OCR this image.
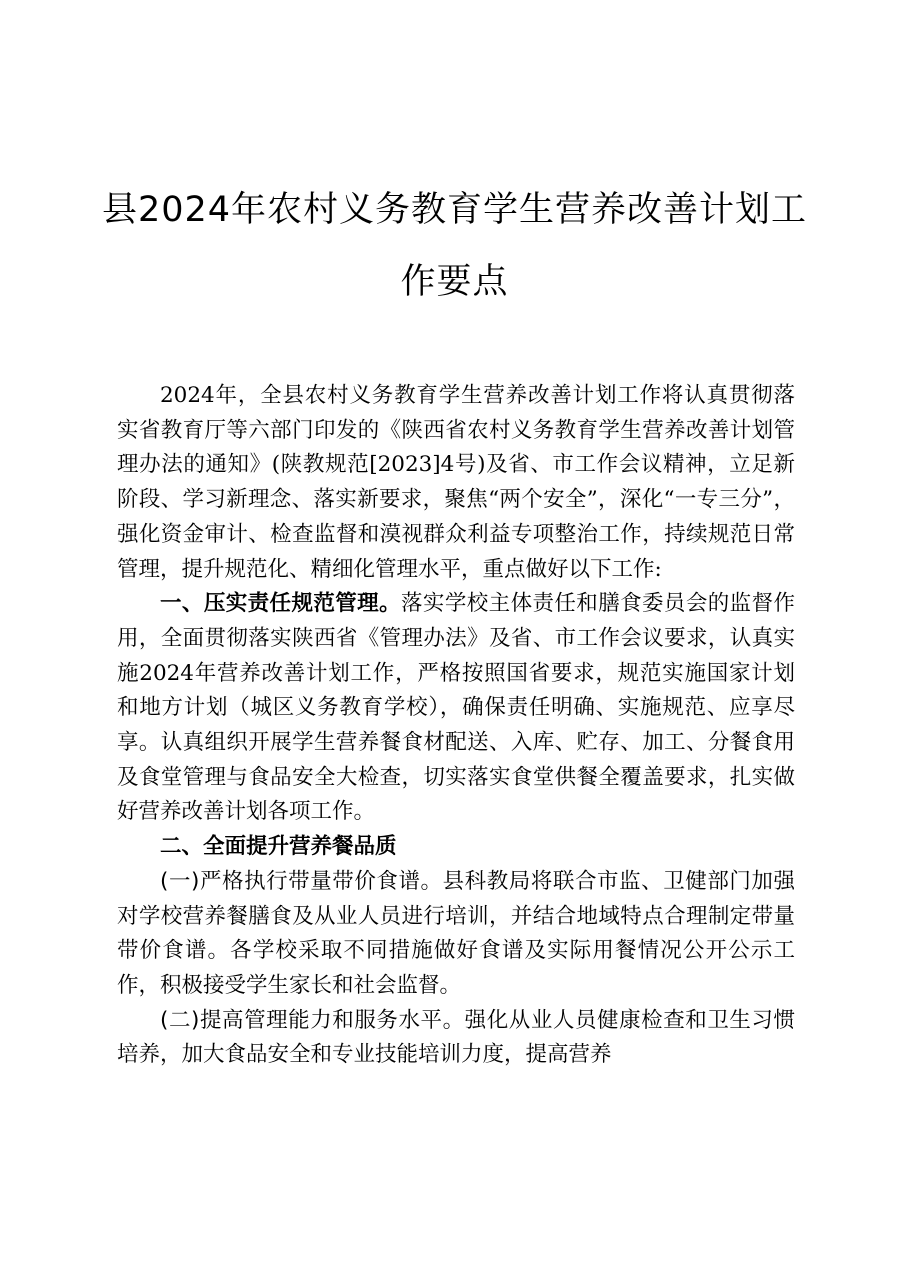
县2024年农村义务教育学生营养改善计划工
作要点

2024年，全县农村义务教育学生营养改善计划工作将认真贯彻落实省教育厅等六部门印发的《陕西省农村义务教育学生营养改善计划管理办法的通知》(陕教规范[2023]4号)及省、市工作会议精神，立足新阶段、学习新理念、落实新要求，聚焦“两个安全”，深化“一专三分”，强化资金审计、检查监督和漠视群众利益专项整治工作，持续规范日常管理，提升规范化、精细化管理水平，重点做好以下工作:

一、压实责任规范管理。落实学校主体责任和膳食委员会的监督作用，全面贯彻落实陕西省《管理办法》及省、市工作会议要求，认真实施2024年营养改善计划工作，严格按照国省要求，规范实施国家计划和地方计划（城区义务教育学校），确保责任明确、实施规范、应享尽享。认真组织开展学生营养餐食材配送、入库、贮存、加工、分餐食用及食堂管理与食品安全大检查，切实落实食堂供餐全覆盖要求，扎实做好营养改善计划各项工作。

二、全面提升营养餐品质

(一)严格执行带量带价食谱。县科教局将联合市监、卫健部门加强对学校营养餐膳食及从业人员进行培训，并结合地域特点合理制定带量带价食谱。各学校采取不同措施做好食谱及实际用餐情况公开公示工作，积极接受学生家长和社会监督。

(二)提高管理能力和服务水平。强化从业人员健康检查和卫生习惯培养，加大食品安全和专业技能培训力度，提高营养
